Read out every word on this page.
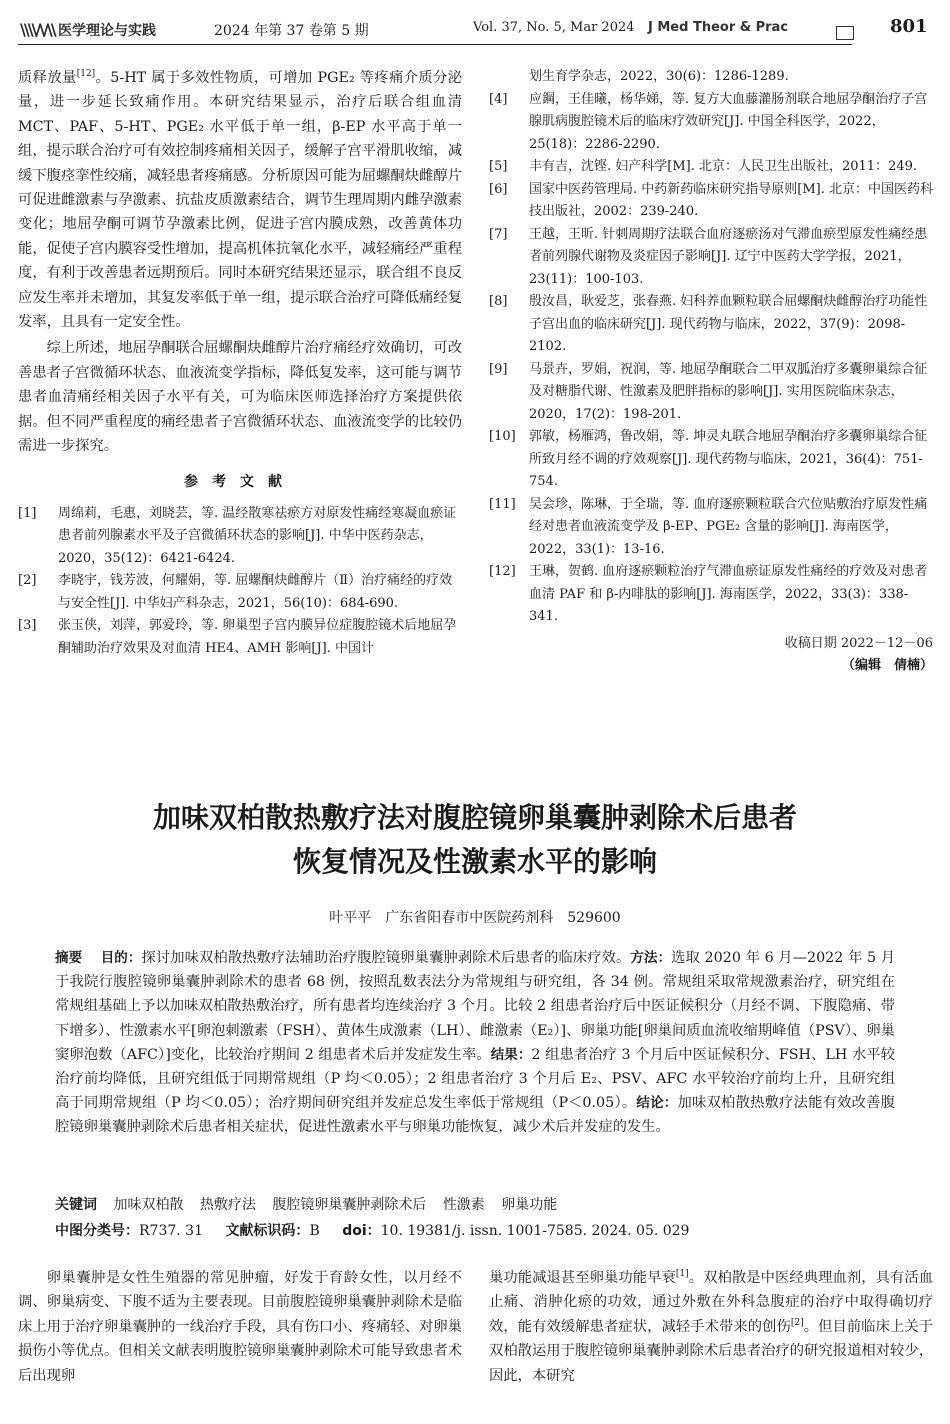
\\\\/\/\\ 医学理论与实践	2024 年第 37 卷第 5 期	Vol. 37, No. 5, Mar 2024 J Med Theor & Prac	801

质释放量[12]。5-HT 属于多效性物质，可增加 PGE₂ 等疼痛介质分泌量，进一步延长致痛作用。本研究结果显示，治疗后联合组血清 MCT、PAF、5-HT、PGE₂ 水平低于单一组，β-EP 水平高于单一组，提示联合治疗可有效控制疼痛相关因子，缓解子宫平滑肌收缩，减缓下腹痉挛性绞痛，减轻患者疼痛感。分析原因可能为屈螺酮炔雌醇片可促进雌激素与孕激素、抗盐皮质激素结合，调节生理周期内雌孕激素变化；地屈孕酮可调节孕激素比例，促进子宫内膜成熟，改善黄体功能，促使子宫内膜容受性增加，提高机体抗氧化水平，减轻痛经严重程度，有利于改善患者远期预后。同时本研究结果还显示，联合组不良反应发生率并未增加，其复发率低于单一组，提示联合治疗可降低痛经复发率，且具有一定安全性。

综上所述，地屈孕酮联合屈螺酮炔雌醇片治疗痛经疗效确切，可改善患者子宫微循环状态、血液流变学指标，降低复发率，这可能与调节患者血清痛经相关因子水平有关，可为临床医师选择治疗方案提供依据。但不同严重程度的痛经患者子宫微循环状态、血液流变学的比较仍需进一步探究。

参考文献

[1] 周绵莉，毛惠，刘晓芸，等. 温经散寒祛瘀方对原发性痛经寒凝血瘀证患者前列腺素水平及子宫微循环状态的影响[J]. 中华中医药杂志，2020，35(12)：6421-6424.

[2] 李晓宇，钱芳波，何耀娟，等. 屈螺酮炔雌醇片（Ⅱ）治疗痛经的疗效与安全性[J]. 中华妇产科杂志，2021，56(10)：684-690.

[3] 张玉侠，刘萍，郭爱玲，等. 卵巢型子宫内膜异位症腹腔镜术后地屈孕酮辅助治疗效果及对血清 HE4、AMH 影响[J]. 中国计

划生育学杂志，2022，30(6)：1286-1289.

[4] 应鋼，王佳曦，杨华娣，等. 复方大血藤灌肠剂联合地屈孕酮治疗子宫腺肌病腹腔镜术后的临床疗效研究[J]. 中国全科医学，2022，25(18)：2286-2290.

[5] 丰有吉，沈铿. 妇产科学[M]. 北京：人民卫生出版社，2011：249.

[6] 国家中医药管理局. 中药新药临床研究指导原则[M]. 北京：中国医药科技出版社，2002：239-240.

[7] 王越，王昕. 针刺周期疗法联合血府逐瘀汤对气滞血瘀型原发性痛经患者前列腺代谢物及炎症因子影响[J]. 辽宁中医药大学学报，2021，23(11)：100-103.

[8] 殷汝昌，耿爱芝，张春燕. 妇科养血颗粒联合屈螺酮炔雌醇治疗功能性子宫出血的临床研究[J]. 现代药物与临床，2022，37(9)：2098-2102.

[9] 马景卉，罗娟，祝润，等. 地屈孕酮联合二甲双胍治疗多囊卵巢综合征及对糖脂代谢、性激素及肥胖指标的影响[J]. 实用医院临床杂志，2020，17(2)：198-201.

[10] 郭敏，杨雁鸿，鲁改娟，等. 坤灵丸联合地屈孕酮治疗多囊卵巢综合征所致月经不调的疗效观察[J]. 现代药物与临床，2021，36(4)：751-754.

[11] 吴会珍，陈琳，于全瑞，等. 血府逐瘀颗粒联合穴位贴敷治疗原发性痛经对患者血液流变学及 β-EP、PGE₂ 含量的影响[J]. 海南医学，2022，33(1)：13-16.

[12] 王琳，贺鹤. 血府逐瘀颗粒治疗气滞血瘀证原发性痛经的疗效及对患者血清 PAF 和 β-内啡肽的影响[J]. 海南医学，2022，33(3)：338-341.

收稿日期 2022－12－06
（编辑　倩楠）
加味双柏散热敷疗法对腹腔镜卵巢囊肿剥除术后患者
恢复情况及性激素水平的影响
叶平平　广东省阳春市中医院药剂科　529600

摘要 目的：探讨加味双柏散热敷疗法辅助治疗腹腔镜卵巢囊肿剥除术后患者的临床疗效。方法：选取 2020 年 6 月—2022 年 5 月于我院行腹腔镜卵巢囊肿剥除术的患者 68 例，按照乱数表法分为常规组与研究组，各 34 例。常规组采取常规激素治疗，研究组在常规组基础上予以加味双柏散热敷治疗，所有患者均连续治疗 3 个月。比较 2 组患者治疗后中医证候积分（月经不调、下腹隐痛、带下增多）、性激素水平[卵泡刺激素（FSH）、黄体生成激素（LH）、雌激素（E₂）]、卵巢功能[卵巢间质血流收缩期峰值（PSV）、卵巢窦卵泡数（AFC）]变化，比较治疗期间 2 组患者术后并发症发生率。结果：2 组患者治疗 3 个月后中医证候积分、FSH、LH 水平较治疗前均降低，且研究组低于同期常规组（P 均＜0.05）；2 组患者治疗 3 个月后 E₂、PSV、AFC 水平较治疗前均上升，且研究组高于同期常规组（P 均＜0.05）；治疗期间研究组并发症总发生率低于常规组（P＜0.05）。结论：加味双柏散热敷疗法能有效改善腹腔镜卵巢囊肿剥除术后患者相关症状，促进性激素水平与卵巢功能恢复，减少术后并发症的发生。

关键词 加味双柏散 热敷疗法 腹腔镜卵巢囊肿剥除术后 性激素 卵巢功能
中图分类号：R737. 31 文献标识码：B doi：10. 19381/j. issn. 1001-7585. 2024. 05. 029

卵巢囊肿是女性生殖器的常见肿瘤，好发于育龄女性，以月经不调、卵巢病变、下腹不适为主要表现。目前腹腔镜卵巢囊肿剥除术是临床上用于治疗卵巢囊肿的一线治疗手段，具有伤口小、疼痛轻、对卵巢损伤小等优点。但相关文献表明腹腔镜卵巢囊肿剥除术可能导致患者术后出现卵

巢功能减退甚至卵巢功能早衰[1]。双柏散是中医经典理血剂，具有活血止痛、消肿化瘀的功效，通过外敷在外科急腹症的治疗中取得确切疗效，能有效缓解患者症状，减轻手术带来的创伤[2]。但目前临床上关于双柏散运用于腹腔镜卵巢囊肿剥除术后患者治疗的研究报道相对较少，因此，本研究
